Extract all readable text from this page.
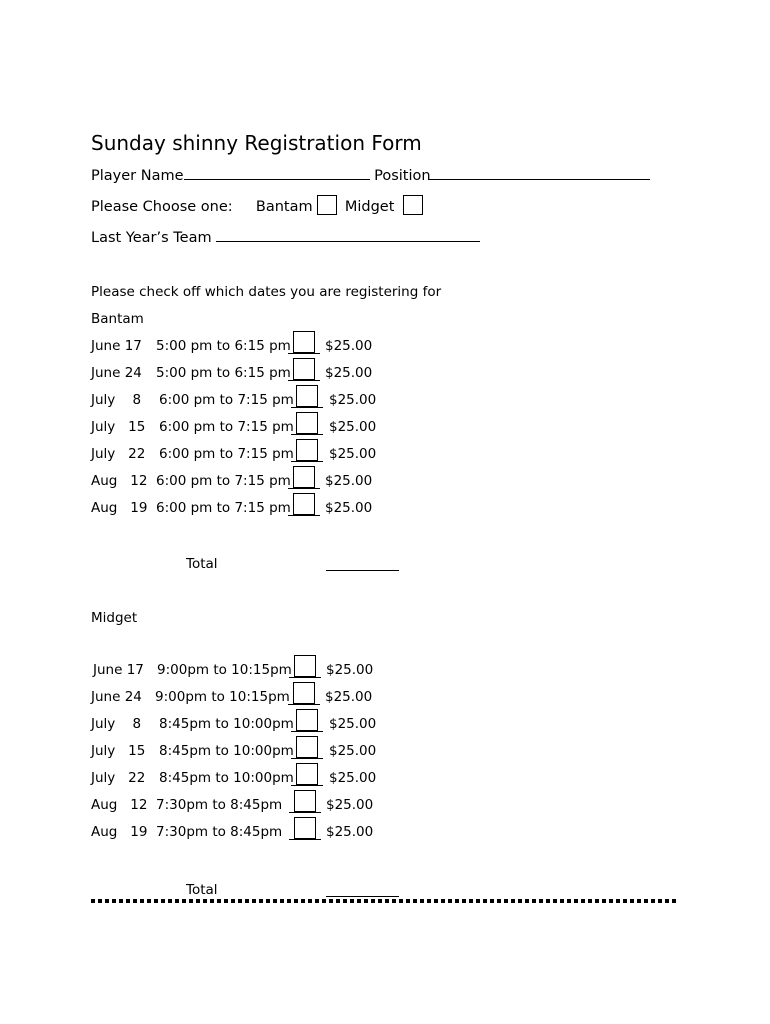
Sunday shinny Registration Form
Player Name	Position
Please Choose one: Bantam Midget
Last Year’s Team
Please check off which dates you are registering for
Bantam
June 17 5:00 pm to 6:15 pm	$25.00
June 24 5:00 pm to 6:15 pm	$25.00
July    8 6:00 pm to 7:15 pm	$25.00
July   15 6:00 pm to 7:15 pm	$25.00
July   22 6:00 pm to 7:15 pm	$25.00
Aug   12 6:00 pm to 7:15 pm	$25.00
Aug   19 6:00 pm to 7:15 pm	$25.00
Total
Midget
June 17 9:00pm to 10:15pm	$25.00
June 24 9:00pm to 10:15pm	$25.00
July    8 8:45pm to 10:00pm	$25.00
July   15 8:45pm to 10:00pm	$25.00
July   22 8:45pm to 10:00pm	$25.00
Aug   12 7:30pm to 8:45pm	$25.00
Aug   19 7:30pm to 8:45pm	$25.00
Total
